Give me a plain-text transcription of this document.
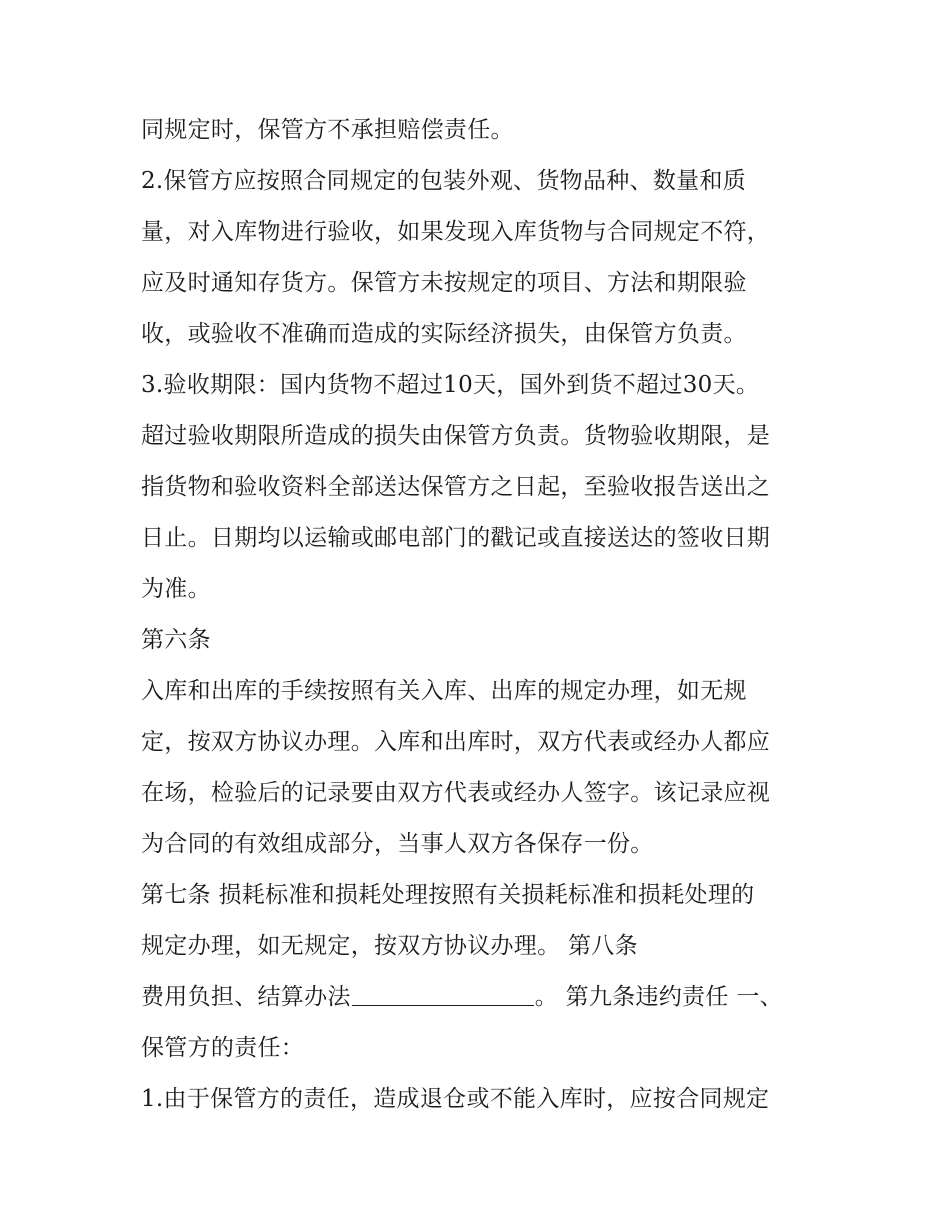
同规定时，保管方不承担赔偿责任。
2.保管方应按照合同规定的包装外观、货物品种、数量和质
量，对入库物进行验收，如果发现入库货物与合同规定不符，
应及时通知存货方。保管方未按规定的项目、方法和期限验
收，或验收不准确而造成的实际经济损失，由保管方负责。
3.验收期限：国内货物不超过10天，国外到货不超过30天。
超过验收期限所造成的损失由保管方负责。货物验收期限，是
指货物和验收资料全部送达保管方之日起，至验收报告送出之
日止。日期均以运输或邮电部门的戳记或直接送达的签收日期
为准。
第六条
入库和出库的手续按照有关入库、出库的规定办理，如无规
定，按双方协议办理。入库和出库时，双方代表或经办人都应
在场，检验后的记录要由双方代表或经办人签字。该记录应视
为合同的有效组成部分，当事人双方各保存一份。
第七条 损耗标准和损耗处理按照有关损耗标准和损耗处理的
规定办理，如无规定，按双方协议办理。 第八条
费用负担、结算办法	。 第九条违约责任 一、
保管方的责任：
1.由于保管方的责任，造成退仓或不能入库时，应按合同规定
